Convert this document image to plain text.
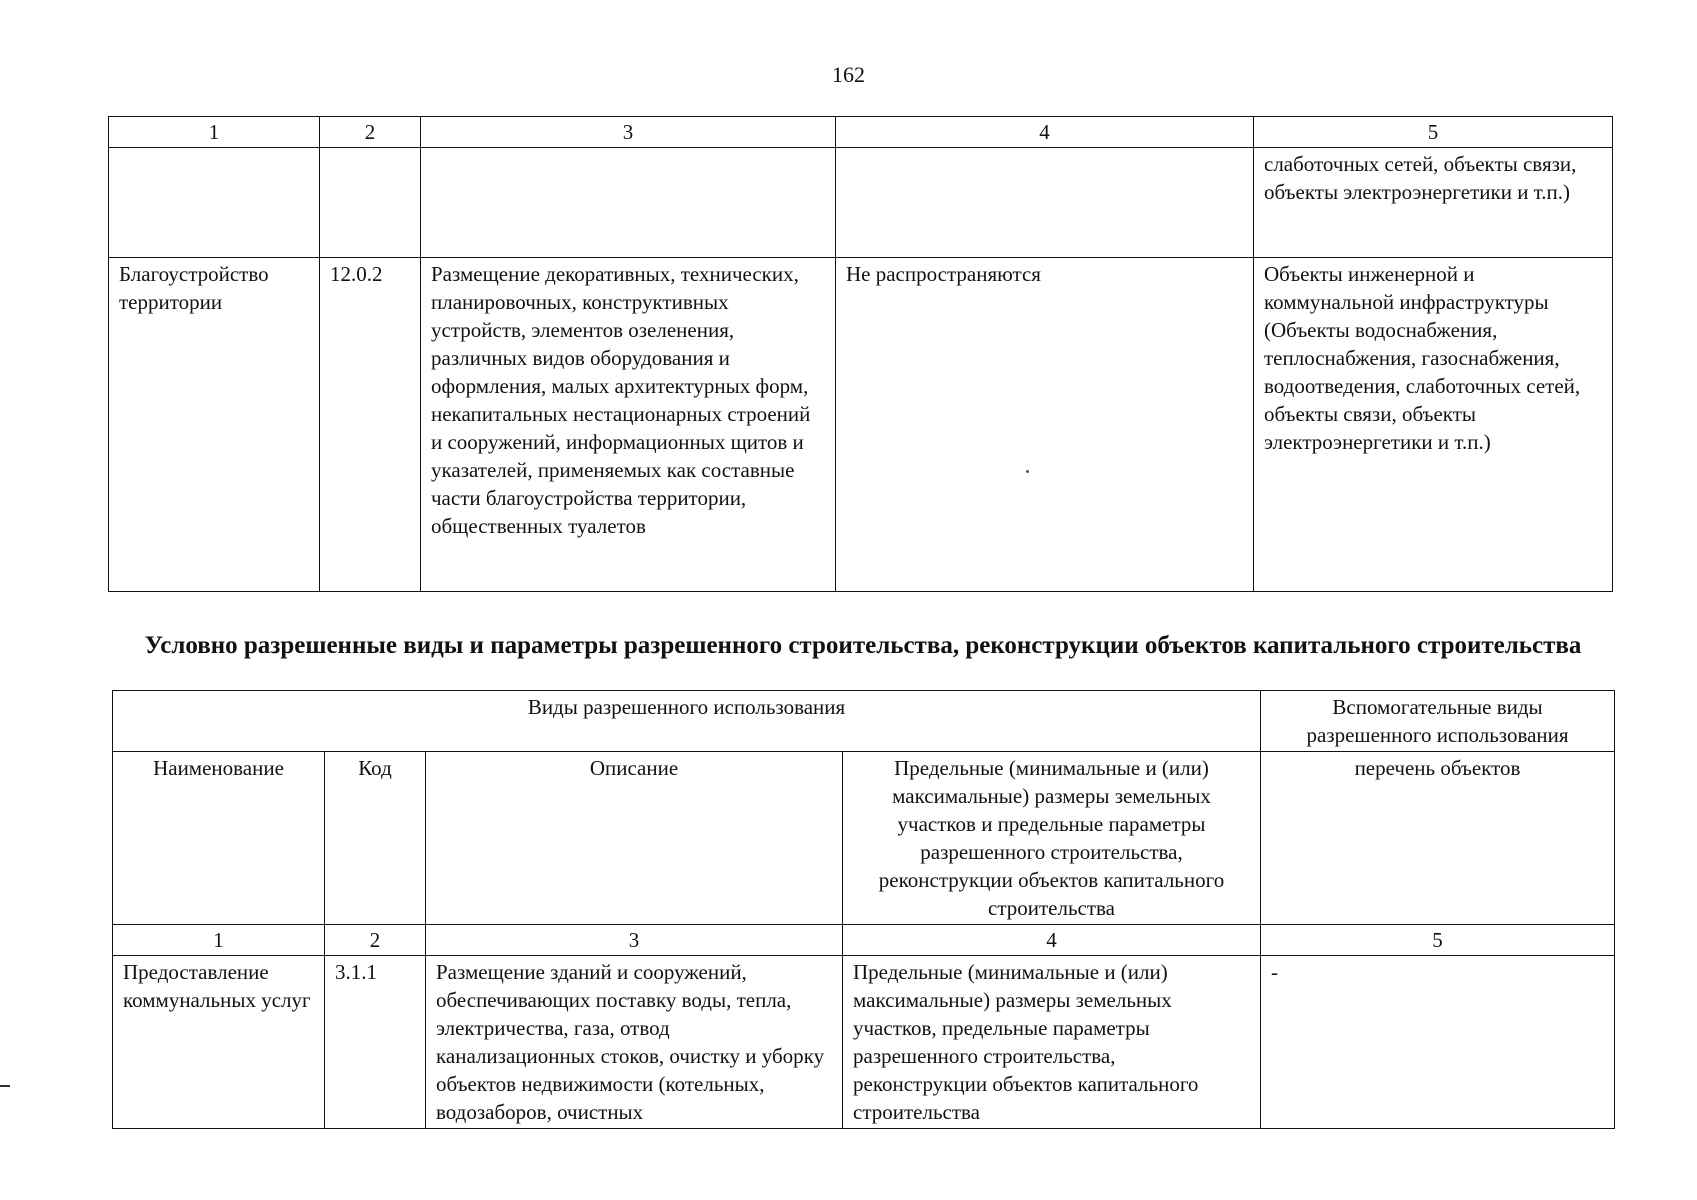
162
1	2	3	4	5
				слаботочных сетей, объекты связи, объекты электроэнергетики и т.п.)
Благоустройство территории	12.0.2	Размещение декоративных, технических, планировочных, конструктивных устройств, элементов озеленения, различных видов оборудования и оформления, малых архитектурных форм, некапитальных нестационарных строений и сооружений, информационных щитов и указателей, применяемых как составные части благоустройства территории, общественных туалетов	Не распространяются	Объекты инженерной и коммунальной инфраструктуры (Объекты водоснабжения, теплоснабжения, газоснабжения, водоотведения, слаботочных сетей, объекты связи, объекты электроэнергетики и т.п.)
Условно разрешенные виды и параметры разрешенного строительства, реконструкции объектов капитального строительства
Виды разрешенного использования				Вспомогательные виды разрешенного использования
Наименование	Код	Описание	Предельные (минимальные и (или) максимальные) размеры земельных участков и предельные параметры разрешенного строительства, реконструкции объектов капитального строительства	перечень объектов
1	2	3	4	5
Предоставление коммунальных услуг	3.1.1	Размещение зданий и сооружений, обеспечивающих поставку воды, тепла, электричества, газа, отвод канализационных стоков, очистку и уборку объектов недвижимости (котельных, водозаборов, очистных	Предельные (минимальные и (или) максимальные) размеры земельных участков, предельные параметры разрешенного строительства, реконструкции объектов капитального строительства	-
